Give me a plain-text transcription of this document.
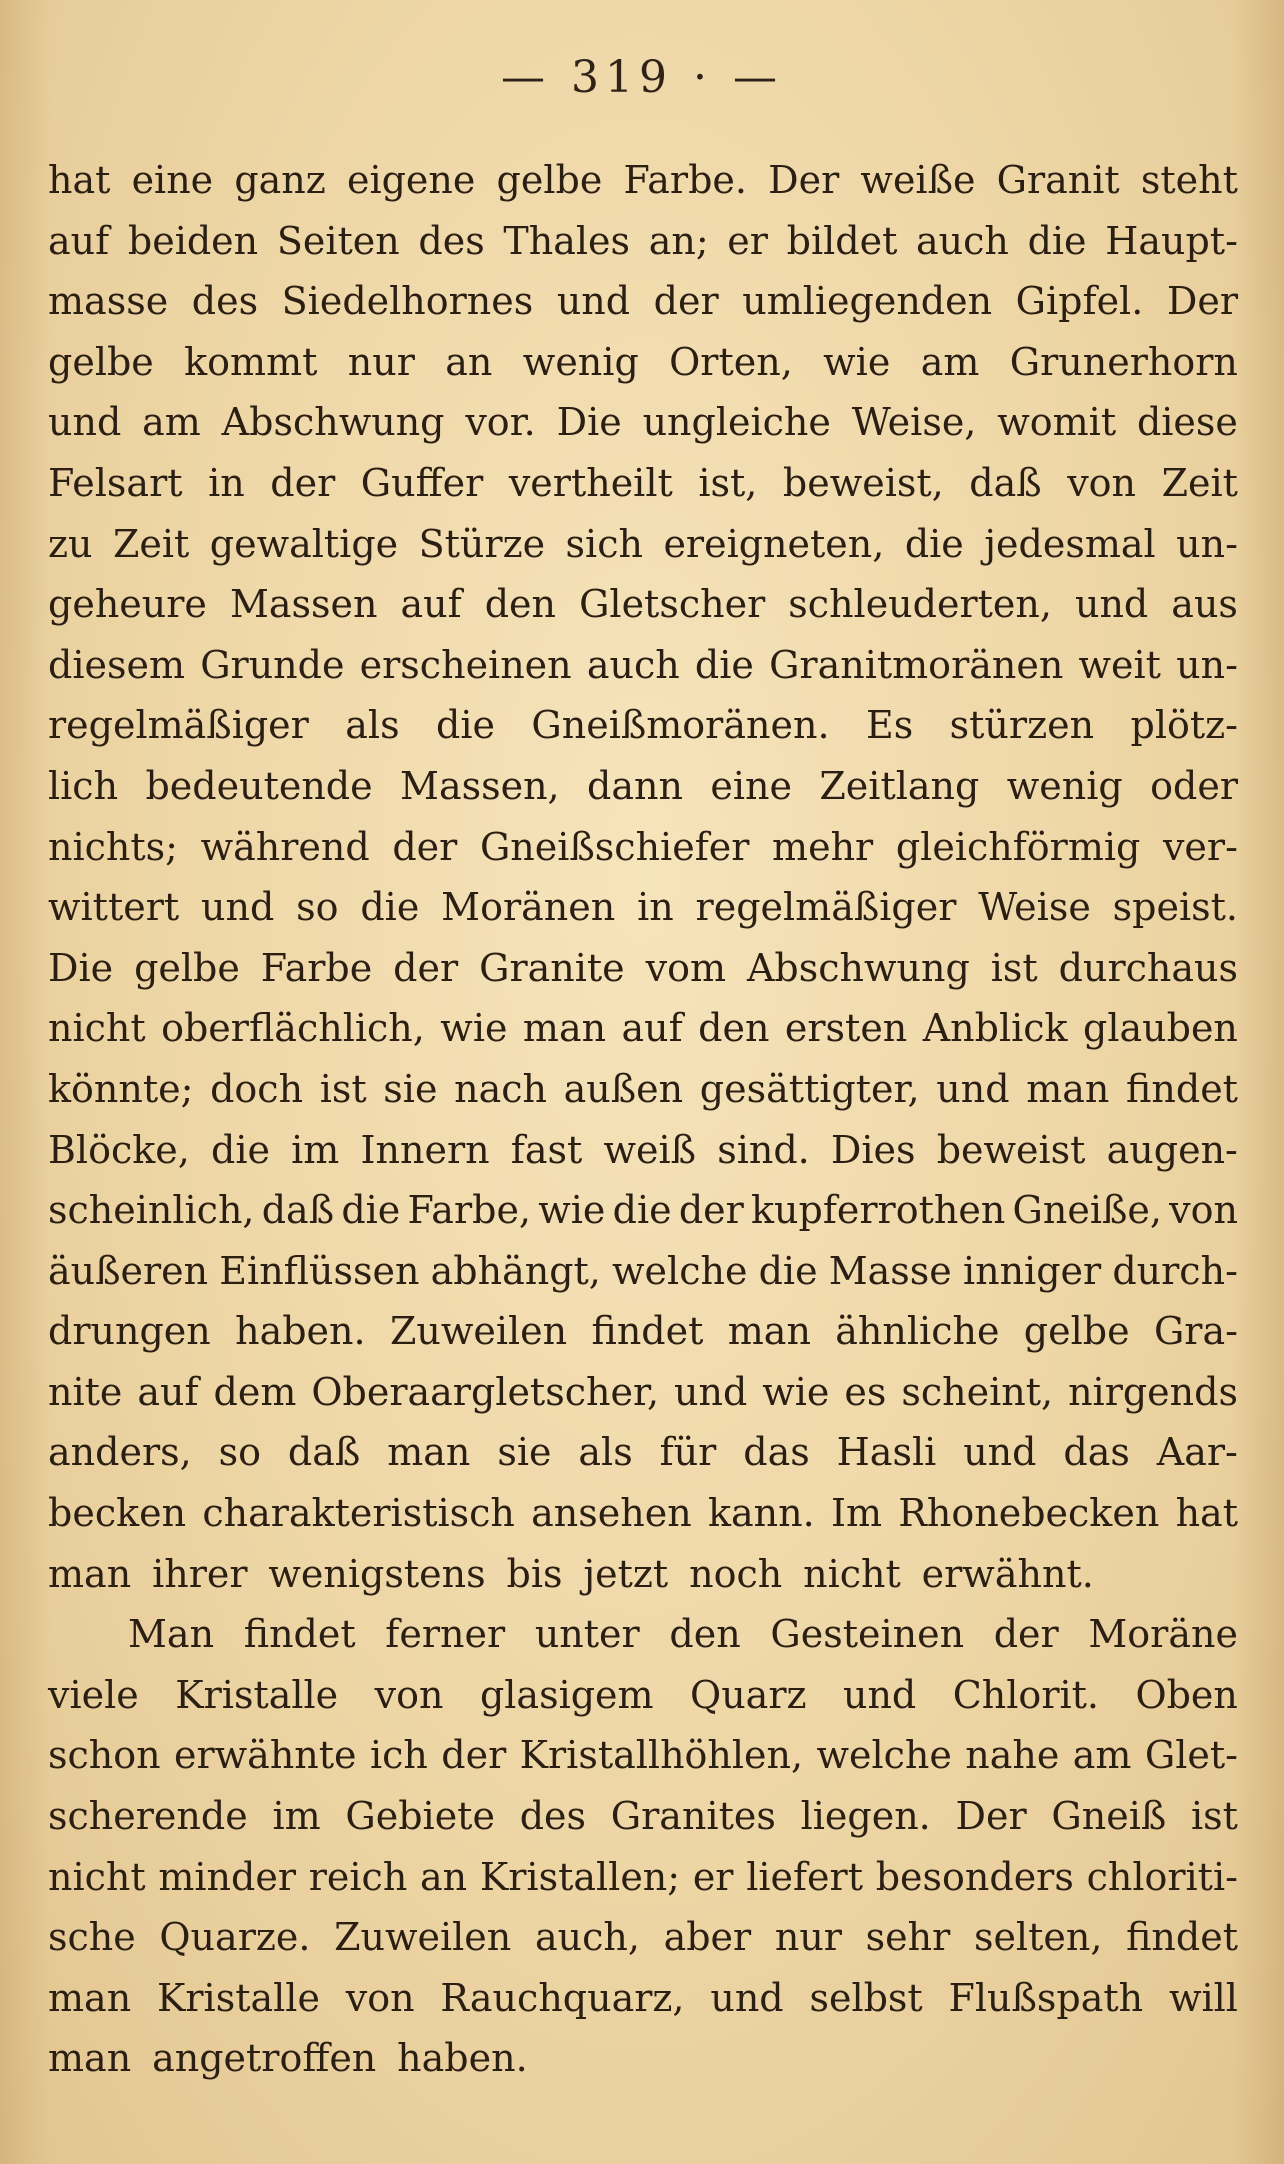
— 319 · —
hat eine ganz eigene gelbe Farbe. Der weiße Granit steht
auf beiden Seiten des Thales an; er bildet auch die Haupt-
masse des Siedelhornes und der umliegenden Gipfel. Der
gelbe kommt nur an wenig Orten, wie am Grunerhorn
und am Abschwung vor. Die ungleiche Weise, womit diese
Felsart in der Guffer vertheilt ist, beweist, daß von Zeit
zu Zeit gewaltige Stürze sich ereigneten, die jedesmal un-
geheure Massen auf den Gletscher schleuderten, und aus
diesem Grunde erscheinen auch die Granitmoränen weit un-
regelmäßiger als die Gneißmoränen. Es stürzen plötz-
lich bedeutende Massen, dann eine Zeitlang wenig oder
nichts; während der Gneißschiefer mehr gleichförmig ver-
wittert und so die Moränen in regelmäßiger Weise speist.
Die gelbe Farbe der Granite vom Abschwung ist durchaus
nicht oberflächlich, wie man auf den ersten Anblick glauben
könnte; doch ist sie nach außen gesättigter, und man findet
Blöcke, die im Innern fast weiß sind. Dies beweist augen-
scheinlich, daß die Farbe, wie die der kupferrothen Gneiße, von
äußeren Einflüssen abhängt, welche die Masse inniger durch-
drungen haben. Zuweilen findet man ähnliche gelbe Gra-
nite auf dem Oberaargletscher, und wie es scheint, nirgends
anders, so daß man sie als für das Hasli und das Aar-
becken charakteristisch ansehen kann. Im Rhonebecken hat
man ihrer wenigstens bis jetzt noch nicht erwähnt.
Man findet ferner unter den Gesteinen der Moräne
viele Kristalle von glasigem Quarz und Chlorit. Oben
schon erwähnte ich der Kristallhöhlen, welche nahe am Glet-
scherende im Gebiete des Granites liegen. Der Gneiß ist
nicht minder reich an Kristallen; er liefert besonders chloriti-
sche Quarze. Zuweilen auch, aber nur sehr selten, findet
man Kristalle von Rauchquarz, und selbst Flußspath will
man angetroffen haben.
